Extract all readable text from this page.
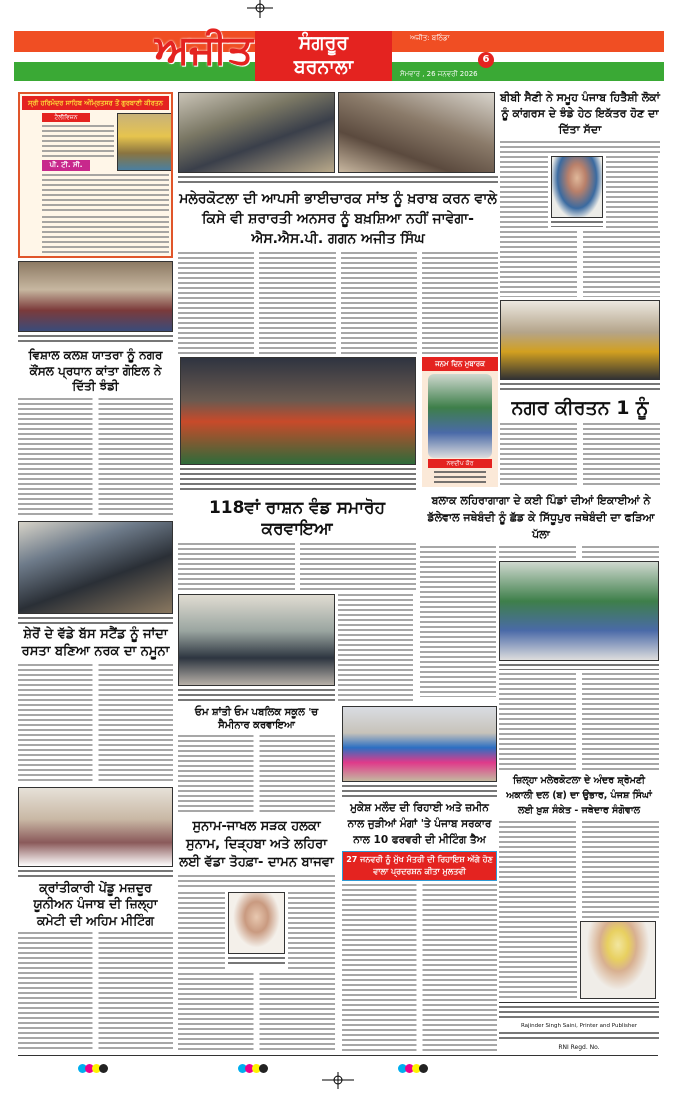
ਅਜੀਤ	ਸੰਗਰੂਰ
ਬਰਨਾਲਾ
ਅਜੀਤ: ਬਠਿੰਡਾ
6
ਸੋਮਵਾਰ , 26 ਜਨਵਰੀ 2026
ਸ੍ਰੀ ਹਰਿਮੰਦਰ ਸਾਹਿਬ ਅੰਮ੍ਰਿਤਸਰ ਤੋਂ ਗੁਰਬਾਣੀ ਕੀਰਤਨ
ਟੈਲੀਵਿਜ਼ਨ
ਪੀ. ਟੀ. ਸੀ.
ਵਿਸ਼ਾਲ ਕਲਸ਼ ਯਾਤਰਾ ਨੂੰ ਨਗਰ ਕੌਂਸਲ ਪ੍ਰਧਾਨ ਕਾਂਤਾ ਗੋਇਲ ਨੇ ਦਿੱਤੀ ਝੰਡੀ
ਸ਼ੇਰੋਂ ਦੇ ਵੱਡੇ ਬੱਸ ਸਟੈਂਡ ਨੂੰ ਜਾਂਦਾ ਰਸਤਾ ਬਣਿਆ ਨਰਕ ਦਾ ਨਮੂਨਾ
ਕ੍ਰਾਂਤੀਕਾਰੀ ਪੇਂਡੂ ਮਜ਼ਦੂਰ ਯੂਨੀਅਨ ਪੰਜਾਬ ਦੀ ਜ਼ਿਲ੍ਹਾ ਕਮੇਟੀ ਦੀ ਅਹਿਮ ਮੀਟਿੰਗ
ਮਲੇਰਕੋਟਲਾ ਦੀ ਆਪਸੀ ਭਾਈਚਾਰਕ ਸਾਂਝ ਨੂੰ ਖ਼ਰਾਬ ਕਰਨ ਵਾਲੇ ਕਿਸੇ ਵੀ ਸ਼ਰਾਰਤੀ ਅਨਸਰ ਨੂੰ ਬਖ਼ਸ਼ਿਆ ਨਹੀਂ ਜਾਵੇਗਾ- ਐਸ.ਐਸ.ਪੀ. ਗਗਨ ਅਜੀਤ ਸਿੰਘ
ਜਨਮ ਦਿਨ ਮੁਬਾਰਕ
ਨਵਦੀਪ ਕੌਰ
118ਵਾਂ ਰਾਸ਼ਨ ਵੰਡ ਸਮਾਰੋਹ ਕਰਵਾਇਆ
ਓਮ ਸ਼ਾਂਤੀ ਓਮ ਪਬਲਿਕ ਸਕੂਲ 'ਚ ਸੈਮੀਨਾਰ ਕਰਵਾਇਆ
ਸੁਨਾਮ-ਜਾਖਲ ਸੜਕ ਹਲਕਾ ਸੁਨਾਮ, ਦਿੜ੍ਹਬਾ ਅਤੇ ਲਹਿਰਾ ਲਈ ਵੱਡਾ ਤੋਹਫ਼ਾ- ਦਾਮਨ ਬਾਜਵਾ
ਬੀਬੀ ਸੈਣੀ ਨੇ ਸਮੂਹ ਪੰਜਾਬ ਹਿਤੈਸ਼ੀ ਲੋਕਾਂ ਨੂੰ ਕਾਂਗਰਸ ਦੇ ਝੰਡੇ ਹੇਠ ਇਕੱਤਰ ਹੋਣ ਦਾ ਦਿੱਤਾ ਸੱਦਾ
ਨਗਰ ਕੀਰਤਨ 1 ਨੂੰ
ਬਲਾਕ ਲਹਿਰਾਗਾਗਾ ਦੇ ਕਈ ਪਿੰਡਾਂ ਦੀਆਂ ਇਕਾਈਆਂ ਨੇ ਡੱਲੇਵਾਲ ਜਥੇਬੰਦੀ ਨੂੰ ਛੱਡ ਕੇ ਸਿੱਧੂਪੁਰ ਜਥੇਬੰਦੀ ਦਾ ਫੜਿਆ ਪੱਲਾ
ਜ਼ਿਲ੍ਹਾ ਮਲੇਰਕੋਟਲਾ ਦੇ ਅੰਦਰ ਸ਼੍ਰੋਮਣੀ ਅਕਾਲੀ ਦਲ (ਬ) ਦਾ ਉਭਾਰ, ਪੰਜਸ਼ ਸਿੰਘਾਂ ਲਈ ਖ਼ੁਸ਼ ਸੰਕੇਤ - ਜਥੇਦਾਰ ਸੰਗੋਵਾਲ
Rajinder Singh Saini, Printer and Publisher
RNI Regd. No.
ਮੁਕੇਸ਼ ਮਲੌਦ ਦੀ ਰਿਹਾਈ ਅਤੇ ਜ਼ਮੀਨ ਨਾਲ ਜੁੜੀਆਂ ਮੰਗਾਂ 'ਤੇ ਪੰਜਾਬ ਸਰਕਾਰ ਨਾਲ 10 ਫਰਵਰੀ ਦੀ ਮੀਟਿੰਗ ਤੈਅ
27 ਜਨਵਰੀ ਨੂੰ ਮੁੱਖ ਮੰਤਰੀ ਦੀ ਰਿਹਾਇਸ਼ ਅੱਗੇ ਹੋਣ ਵਾਲਾ ਪ੍ਰਦਰਸ਼ਨ ਕੀਤਾ ਮੁਲਤਵੀ
